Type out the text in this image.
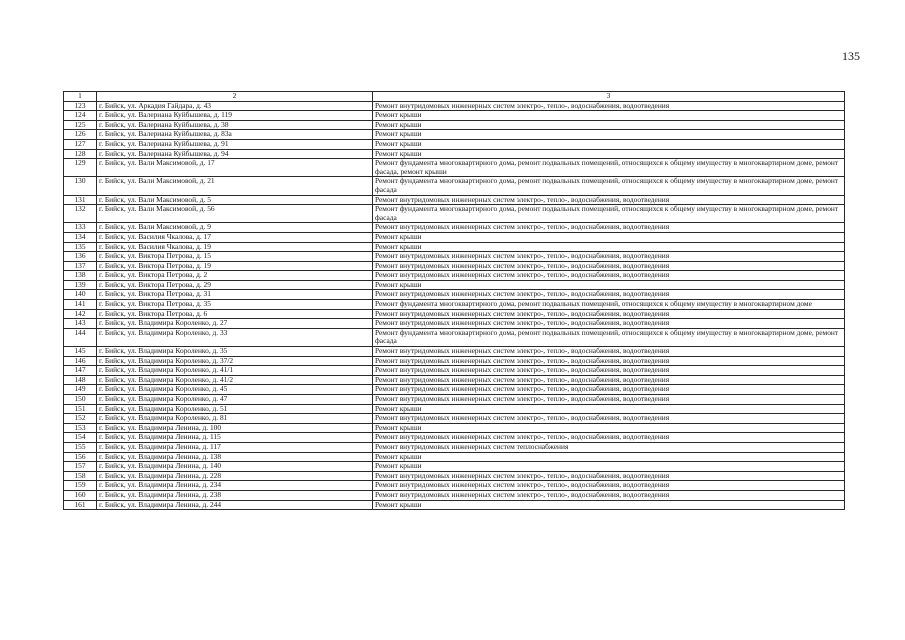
135
1	2	3
123	г. Бийск, ул. Аркадия Гайдара, д. 43	Ремонт внутридомовых инженерных систем электро-, тепло-, водоснабжения, водоотведения
124	г. Бийск, ул. Валериана Куйбышева, д. 119	Ремонт крыши
125	г. Бийск, ул. Валериана Куйбышева, д. 38	Ремонт крыши
126	г. Бийск, ул. Валериана Куйбышева, д. 83а	Ремонт крыши
127	г. Бийск, ул. Валериана Куйбышева, д. 91	Ремонт крыши
128	г. Бийск, ул. Валериана Куйбышева, д. 94	Ремонт крыши
129	г. Бийск, ул. Вали Максимовой, д. 17	Ремонт фундамента многоквартирного дома, ремонт подвальных помещений, относящихся к общему имуществу в многоквартирном доме, ремонт фасада, ремонт крыши
130	г. Бийск, ул. Вали Максимовой, д. 21	Ремонт фундамента многоквартирного дома, ремонт подвальных помещений, относящихся к общему имуществу в многоквартирном доме, ремонт фасада
131	г. Бийск, ул. Вали Максимовой, д. 5	Ремонт внутридомовых инженерных систем электро-, тепло-, водоснабжения, водоотведения
132	г. Бийск, ул. Вали Максимовой, д. 56	Ремонт фундамента многоквартирного дома, ремонт подвальных помещений, относящихся к общему имуществу в многоквартирном доме, ремонт фасада
133	г. Бийск, ул. Вали Максимовой, д. 9	Ремонт внутридомовых инженерных систем электро-, тепло-, водоснабжения, водоотведения
134	г. Бийск, ул. Василия Чкалова, д. 17	Ремонт крыши
135	г. Бийск, ул. Василия Чкалова, д. 19	Ремонт крыши
136	г. Бийск, ул. Виктора Петрова, д. 15	Ремонт внутридомовых инженерных систем электро-, тепло-, водоснабжения, водоотведения
137	г. Бийск, ул. Виктора Петрова, д. 19	Ремонт внутридомовых инженерных систем электро-, тепло-, водоснабжения, водоотведения
138	г. Бийск, ул. Виктора Петрова, д. 2	Ремонт внутридомовых инженерных систем электро-, тепло-, водоснабжения, водоотведения
139	г. Бийск, ул. Виктора Петрова, д. 29	Ремонт крыши
140	г. Бийск, ул. Виктора Петрова, д. 31	Ремонт внутридомовых инженерных систем электро-, тепло-, водоснабжения, водоотведения
141	г. Бийск, ул. Виктора Петрова, д. 35	Ремонт фундамента многоквартирного дома, ремонт подвальных помещений, относящихся к общему имуществу в многоквартирном доме
142	г. Бийск, ул. Виктора Петрова, д. 6	Ремонт внутридомовых инженерных систем электро-, тепло-, водоснабжения, водоотведения
143	г. Бийск, ул. Владимира Короленко, д. 27	Ремонт внутридомовых инженерных систем электро-, тепло-, водоснабжения, водоотведения
144	г. Бийск, ул. Владимира Короленко, д. 33	Ремонт фундамента многоквартирного дома, ремонт подвальных помещений, относящихся к общему имуществу в многоквартирном доме, ремонт фасада
145	г. Бийск, ул. Владимира Короленко, д. 35	Ремонт внутридомовых инженерных систем электро-, тепло-, водоснабжения, водоотведения
146	г. Бийск, ул. Владимира Короленко, д. 37/2	Ремонт внутридомовых инженерных систем электро-, тепло-, водоснабжения, водоотведения
147	г. Бийск, ул. Владимира Короленко, д. 41/1	Ремонт внутридомовых инженерных систем электро-, тепло-, водоснабжения, водоотведения
148	г. Бийск, ул. Владимира Короленко, д. 41/2	Ремонт внутридомовых инженерных систем электро-, тепло-, водоснабжения, водоотведения
149	г. Бийск, ул. Владимира Короленко, д. 45	Ремонт внутридомовых инженерных систем электро-, тепло-, водоснабжения, водоотведения
150	г. Бийск, ул. Владимира Короленко, д. 47	Ремонт внутридомовых инженерных систем электро-, тепло-, водоснабжения, водоотведения
151	г. Бийск, ул. Владимира Короленко, д. 51	Ремонт крыши
152	г. Бийск, ул. Владимира Короленко, д. 81	Ремонт внутридомовых инженерных систем электро-, тепло-, водоснабжения, водоотведения
153	г. Бийск, ул. Владимира Ленина, д. 100	Ремонт крыши
154	г. Бийск, ул. Владимира Ленина, д. 115	Ремонт внутридомовых инженерных систем электро-, тепло-, водоснабжения, водоотведения
155	г. Бийск, ул. Владимира Ленина, д. 117	Ремонт внутридомовых инженерных систем теплоснабжения
156	г. Бийск, ул. Владимира Ленина, д. 138	Ремонт крыши
157	г. Бийск, ул. Владимира Ленина, д. 140	Ремонт крыши
158	г. Бийск, ул. Владимира Ленина, д. 228	Ремонт внутридомовых инженерных систем электро-, тепло-, водоснабжения, водоотведения
159	г. Бийск, ул. Владимира Ленина, д. 234	Ремонт внутридомовых инженерных систем электро-, тепло-, водоснабжения, водоотведения
160	г. Бийск, ул. Владимира Ленина, д. 238	Ремонт внутридомовых инженерных систем электро-, тепло-, водоснабжения, водоотведения
161	г. Бийск, ул. Владимира Ленина, д. 244	Ремонт крыши
